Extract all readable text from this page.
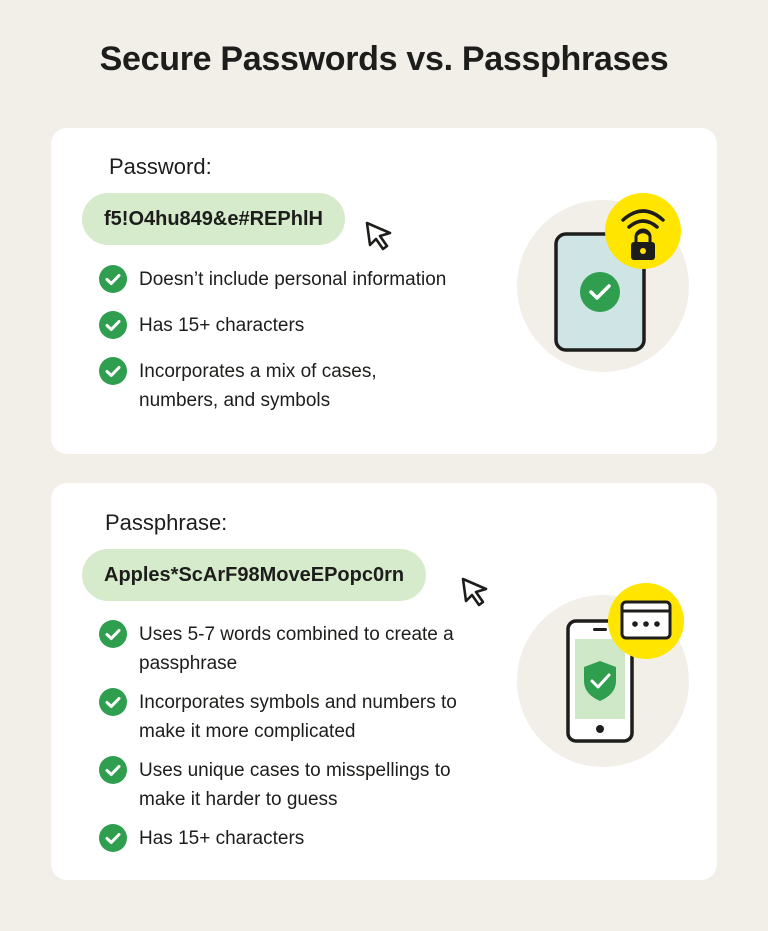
Secure Passwords vs. Passphrases
Password:
f5!O4hu849&e#REPhlH
Doesn’t include personal information
Has 15+ characters
Incorporates a mix of cases, numbers, and symbols
Passphrase:
Apples*ScArF98MoveEPopc0rn
Uses 5-7 words combined to create a passphrase
Incorporates symbols and numbers to make it more complicated
Uses unique cases to misspellings to make it harder to guess
Has 15+ characters
